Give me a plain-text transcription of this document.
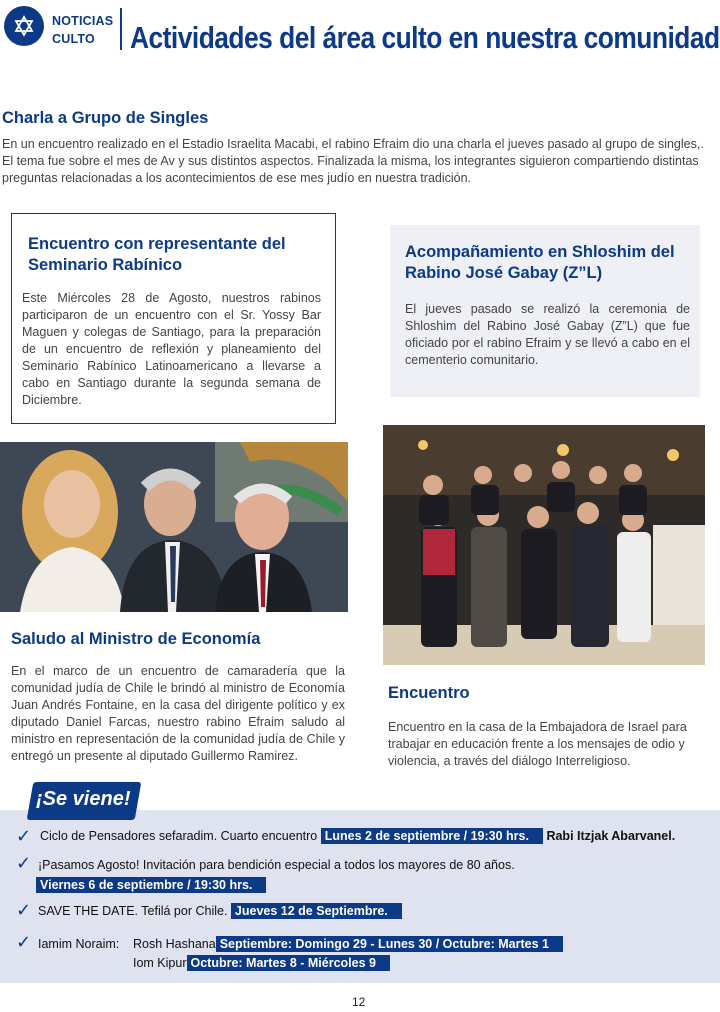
NOTICIAS
CULTO Actividades del área culto en nuestra comunidad
Charla a Grupo de Singles

En un encuentro realizado en el Estadio Israelita Macabi, el rabino Efraim dio una charla el jueves pasado al grupo de singles,. El tema fue sobre el mes de Av y sus distintos aspectos. Finalizada la misma, los integrantes siguieron compartiendo distintas preguntas relacionadas a los acontecimientos de ese mes judío en nuestra tradición.

Encuentro con representante del Seminario Rabínico

Este Miércoles 28 de Agosto, nuestros rabinos participaron de un encuentro con el Sr. Yossy Bar Maguen y colegas de Santiago, para la preparación de un encuentro de reflexión y planeamiento del Seminario Rabínico Latinoamericano a llevarse a cabo en Santiago durante la segunda semana de Diciembre.

Acompañamiento en Shloshim del Rabino José Gabay (Z”L)

El jueves pasado se realizó la ceremonia de Shloshim del Rabino José Gabay (Z”L) que fue oficiado por el rabino Efraim y se llevó a cabo en el cementerio comunitario.

Saludo al Ministro de Economía

En el marco de un encuentro de camaradería que la comunidad judía de Chile le brindó al ministro de Economía Juan Andrés Fontaine, en la casa del dirigente político y ex diputado Daniel Farcas, nuestro rabino Efraim saludo al ministro en representación de la comunidad judía de Chile y entregó un presente al diputado Guillermo Ramirez.

Encuentro

Encuentro en la casa de la Embajadora de Israel para trabajar en educación frente a los mensajes de odio y violencia, a través del diálogo Interreligioso.

¡Se viene!
✓ Ciclo de Pensadores sefaradim. Cuarto encuentro Lunes 2 de septiembre / 19:30 hrs. Rabi Itzjak Abarvanel.
✓ ¡Pasamos Agosto! Invitación para bendición especial a todos los mayores de 80 años.
Viernes 6 de septiembre / 19:30 hrs.
✓ SAVE THE DATE. Tefilá por Chile. Jueves 12 de Septiembre.
✓ Iamim Noraim: Rosh Hashana Septiembre: Domingo 29 - Lunes 30 / Octubre: Martes 1
Iom Kipur Octubre: Martes 8 - Miércoles 9
12
